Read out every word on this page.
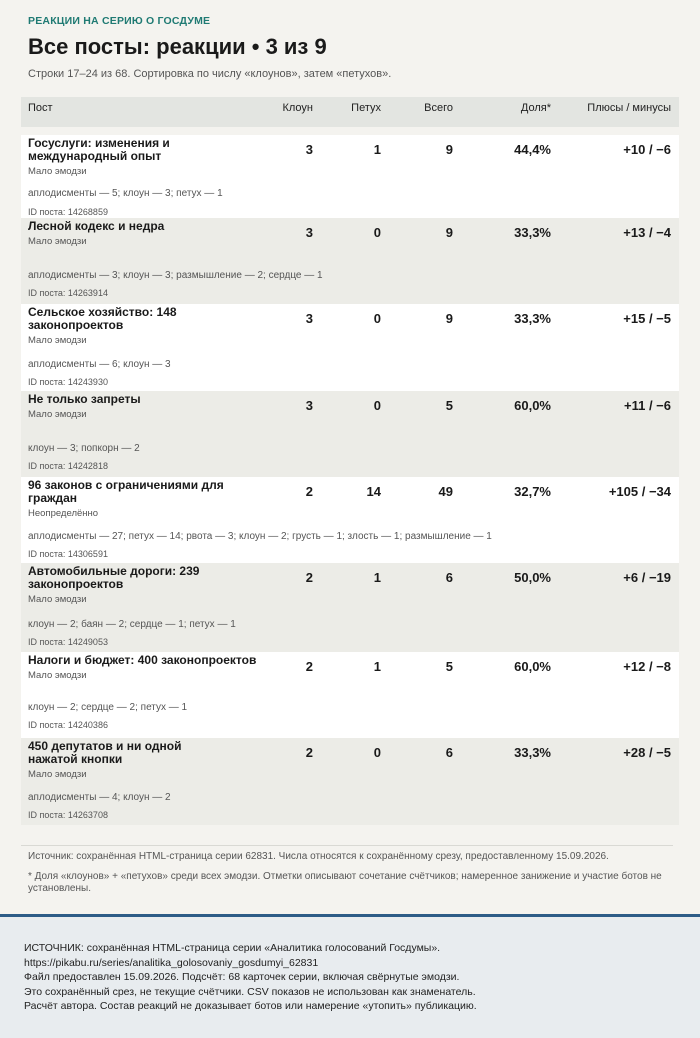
РЕАКЦИИ НА СЕРИЮ О ГОСДУМЕ
Все посты: реакции • 3 из 9
Строки 17–24 из 68. Сортировка по числу «клоунов», затем «петухов».
Пост	Клоун	Петух	Всего	Доля*	Плюсы / минусы

Госуслуги: изменения и международный опыт
Мало эмодзи
аплодисменты — 5; клоун — 3; петух — 1
ID поста: 14268859	3	1	9	44,4%	+10 / −6

Лесной кодекс и недра
Мало эмодзи
аплодисменты — 3; клоун — 3; размышление — 2; сердце — 1
ID поста: 14263914	3	0	9	33,3%	+13 / −4

Сельское хозяйство: 148 законопроектов
Мало эмодзи
аплодисменты — 6; клоун — 3
ID поста: 14243930	3	0	9	33,3%	+15 / −5

Не только запреты
Мало эмодзи
клоун — 3; попкорн — 2
ID поста: 14242818	3	0	5	60,0%	+11 / −6

96 законов с ограничениями для граждан
Неопределённо
аплодисменты — 27; петух — 14; рвота — 3; клоун — 2; грусть — 1; злость — 1; размышление — 1
ID поста: 14306591	2	14	49	32,7%	+105 / −34

Автомобильные дороги: 239 законопроектов
Мало эмодзи
клоун — 2; баян — 2; сердце — 1; петух — 1
ID поста: 14249053	2	1	6	50,0%	+6 / −19

Налоги и бюджет: 400 законопроектов
Мало эмодзи
клоун — 2; сердце — 2; петух — 1
ID поста: 14240386	2	1	5	60,0%	+12 / −8

450 депутатов и ни одной нажатой кнопки
Мало эмодзи
аплодисменты — 4; клоун — 2
ID поста: 14263708	2	0	6	33,3%	+28 / −5
Источник: сохранённая HTML-страница серии 62831. Числа относятся к сохранённому срезу, предоставленному 15.09.2026.
* Доля «клоунов» + «петухов» среди всех эмодзи. Отметки описывают сочетание счётчиков; намеренное занижение и участие ботов не установлены.
ИСТОЧНИК: сохранённая HTML-страница серии «Аналитика голосований Госдумы».
https://pikabu.ru/series/analitika_golosovaniy_gosdumyi_62831
Файл предоставлен 15.09.2026. Подсчёт: 68 карточек серии, включая свёрнутые эмодзи.
Это сохранённый срез, не текущие счётчики. CSV показов не использован как знаменатель.
Расчёт автора. Состав реакций не доказывает ботов или намерение «утопить» публикацию.
